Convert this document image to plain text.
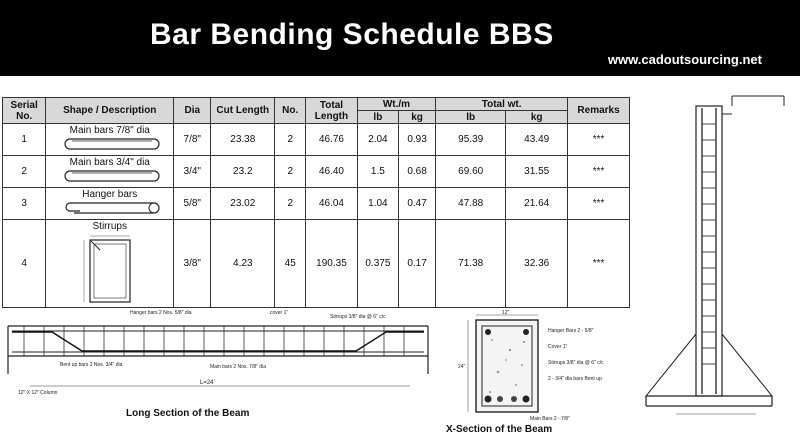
Bar Bending Schedule BBS
www.cadoutsourcing.net
Serial No.	Shape / Description	Dia	Cut Length	No.	Total Length	Wt./m		Total wt.		Remarks
						lb	kg	lb	kg	
1	Main bars 7/8" dia	7/8"	23.38	2	46.76	2.04	0.93	95.39	43.49	***
2	Main bars 3/4" dia	3/4"	23.2	2	46.40	1.5	0.68	69.60	31.55	***
3	Hanger bars	5/8"	23.02	2	46.04	1.04	0.47	47.88	21.64	***
4	Stirrups	3/8"	4.23	45	190.35	0.375	0.17	71.38	32.36	***
L=24'
Hanger bars 2 Nos. 5/8" dia	cover 1"
Stirrups 3/8" dia @ 6" c/c
Bent up bars 2 Nos. 3/4" dia	Main bars 2 Nos. 7/8" dia
12" X 12" Column
Long Section of the Beam
12"
24"
Hanger Bars 2 - 5/8"
Cover 1"
Stirrups 3/8" dia @ 6" c/c
2 - 3/4" dia bars Bent up
Main Bars 2 - 7/8"
X-Section of the Beam
